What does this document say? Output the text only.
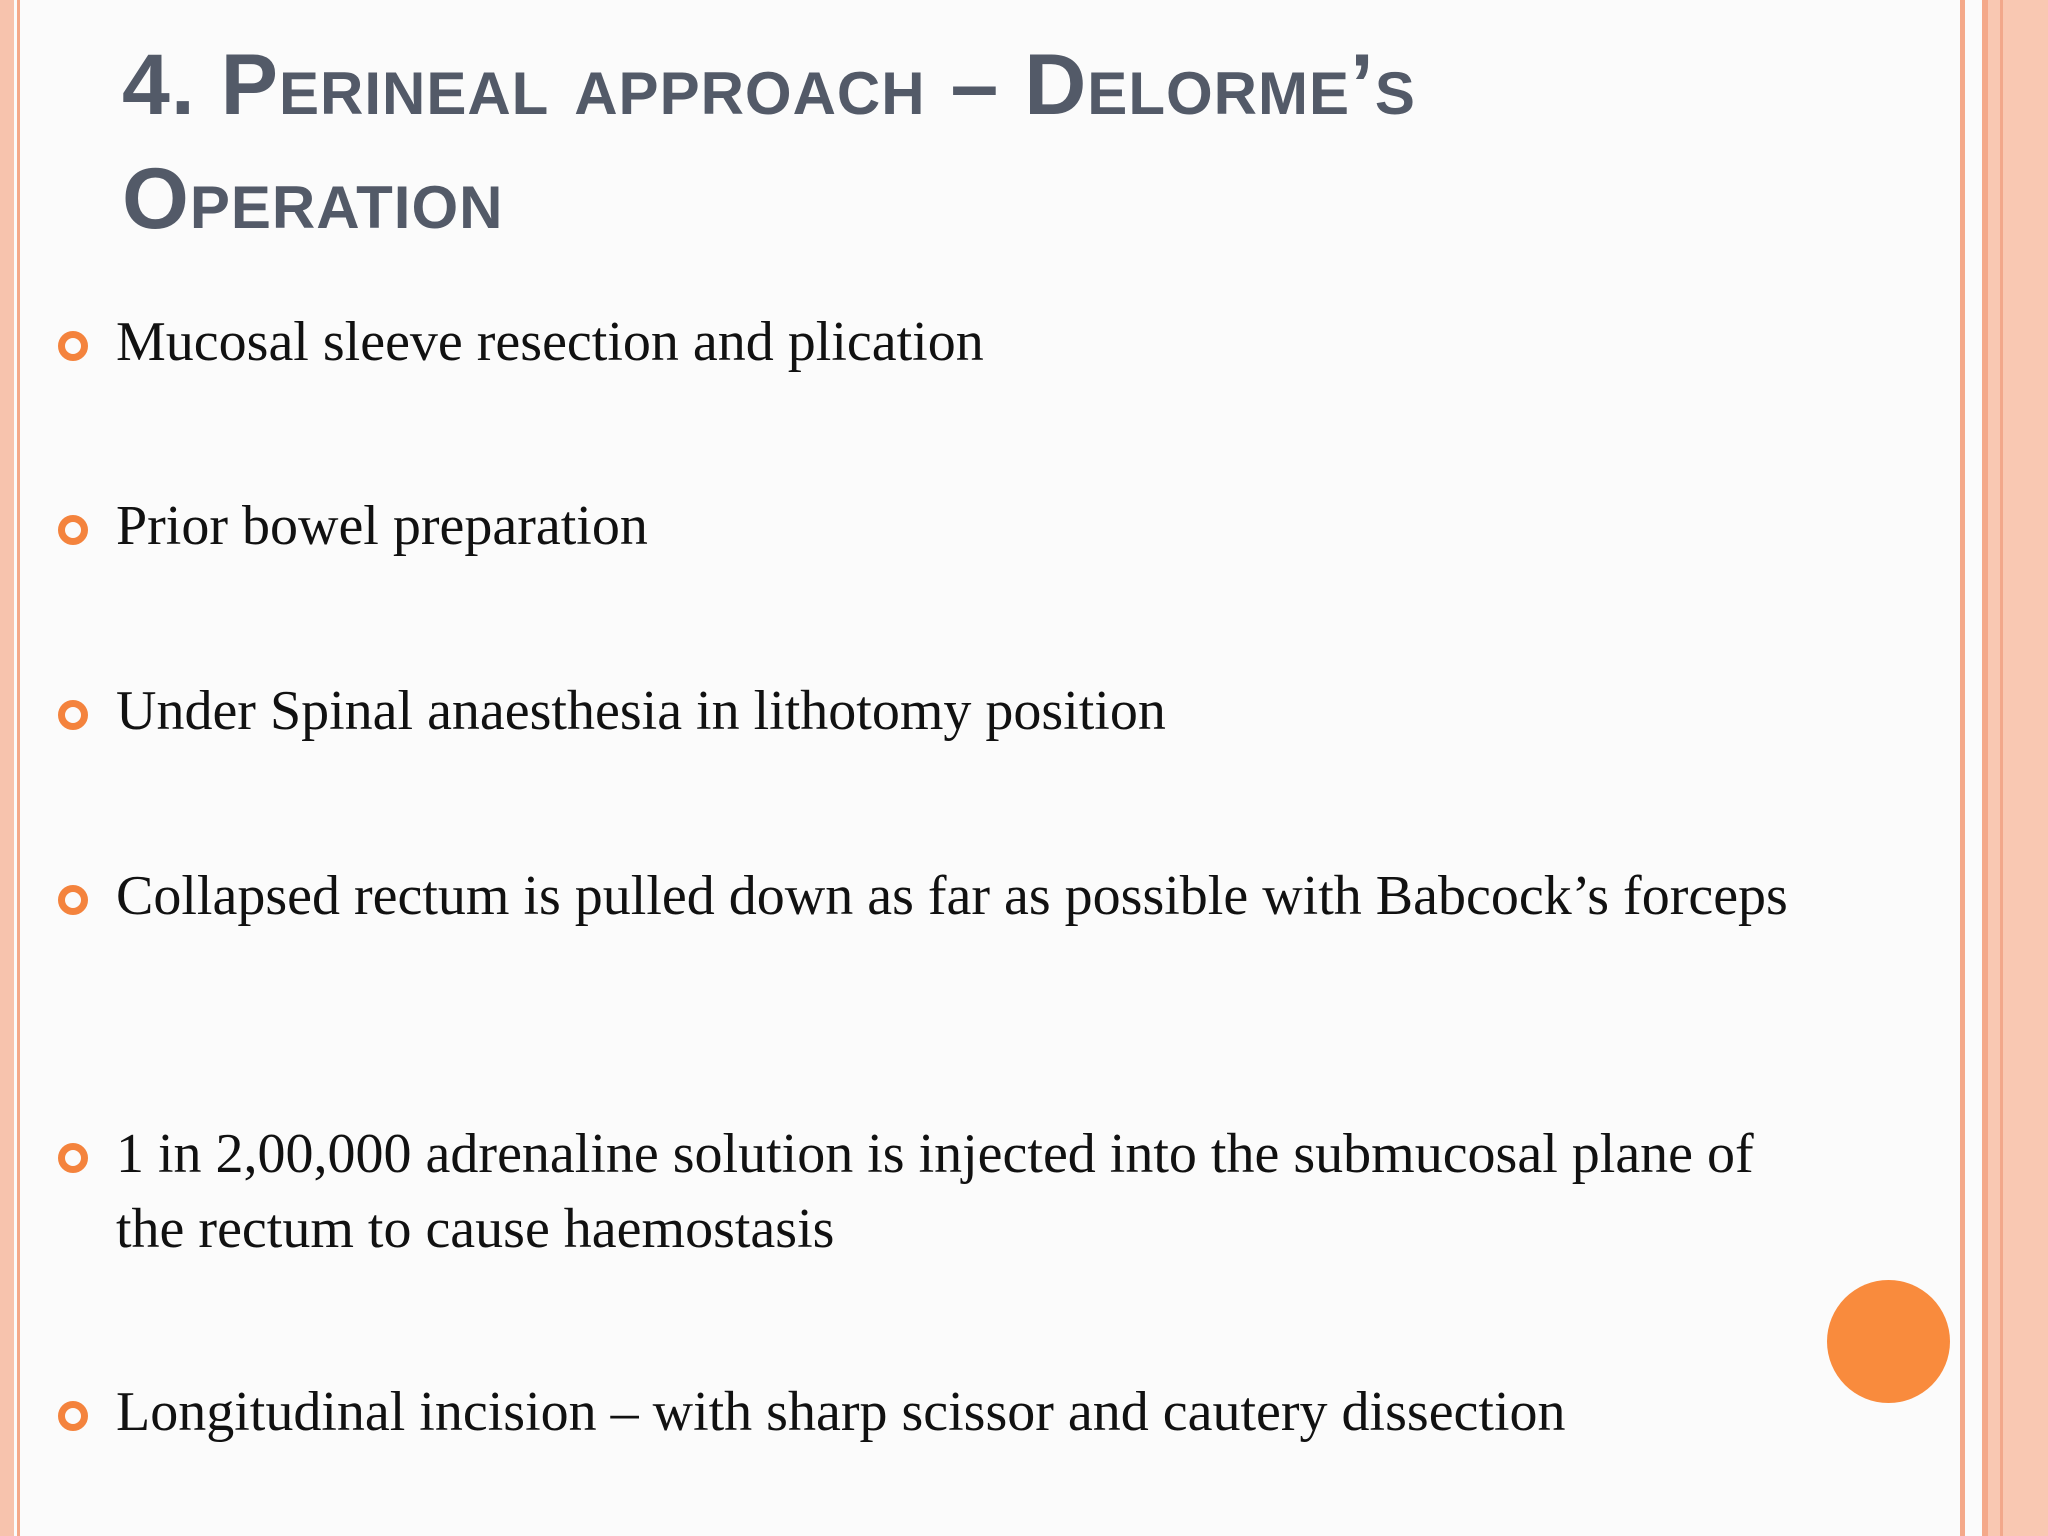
4. Perineal approach – Delorme’s
Operation
Mucosal sleeve resection and plication
Prior bowel preparation
Under Spinal anaesthesia in lithotomy position
Collapsed rectum is pulled down as far as possible with Babcock’s forceps
1 in 2,00,000 adrenaline solution is injected into the submucosal plane of the rectum to cause haemostasis
Longitudinal incision – with sharp scissor and cautery dissection
